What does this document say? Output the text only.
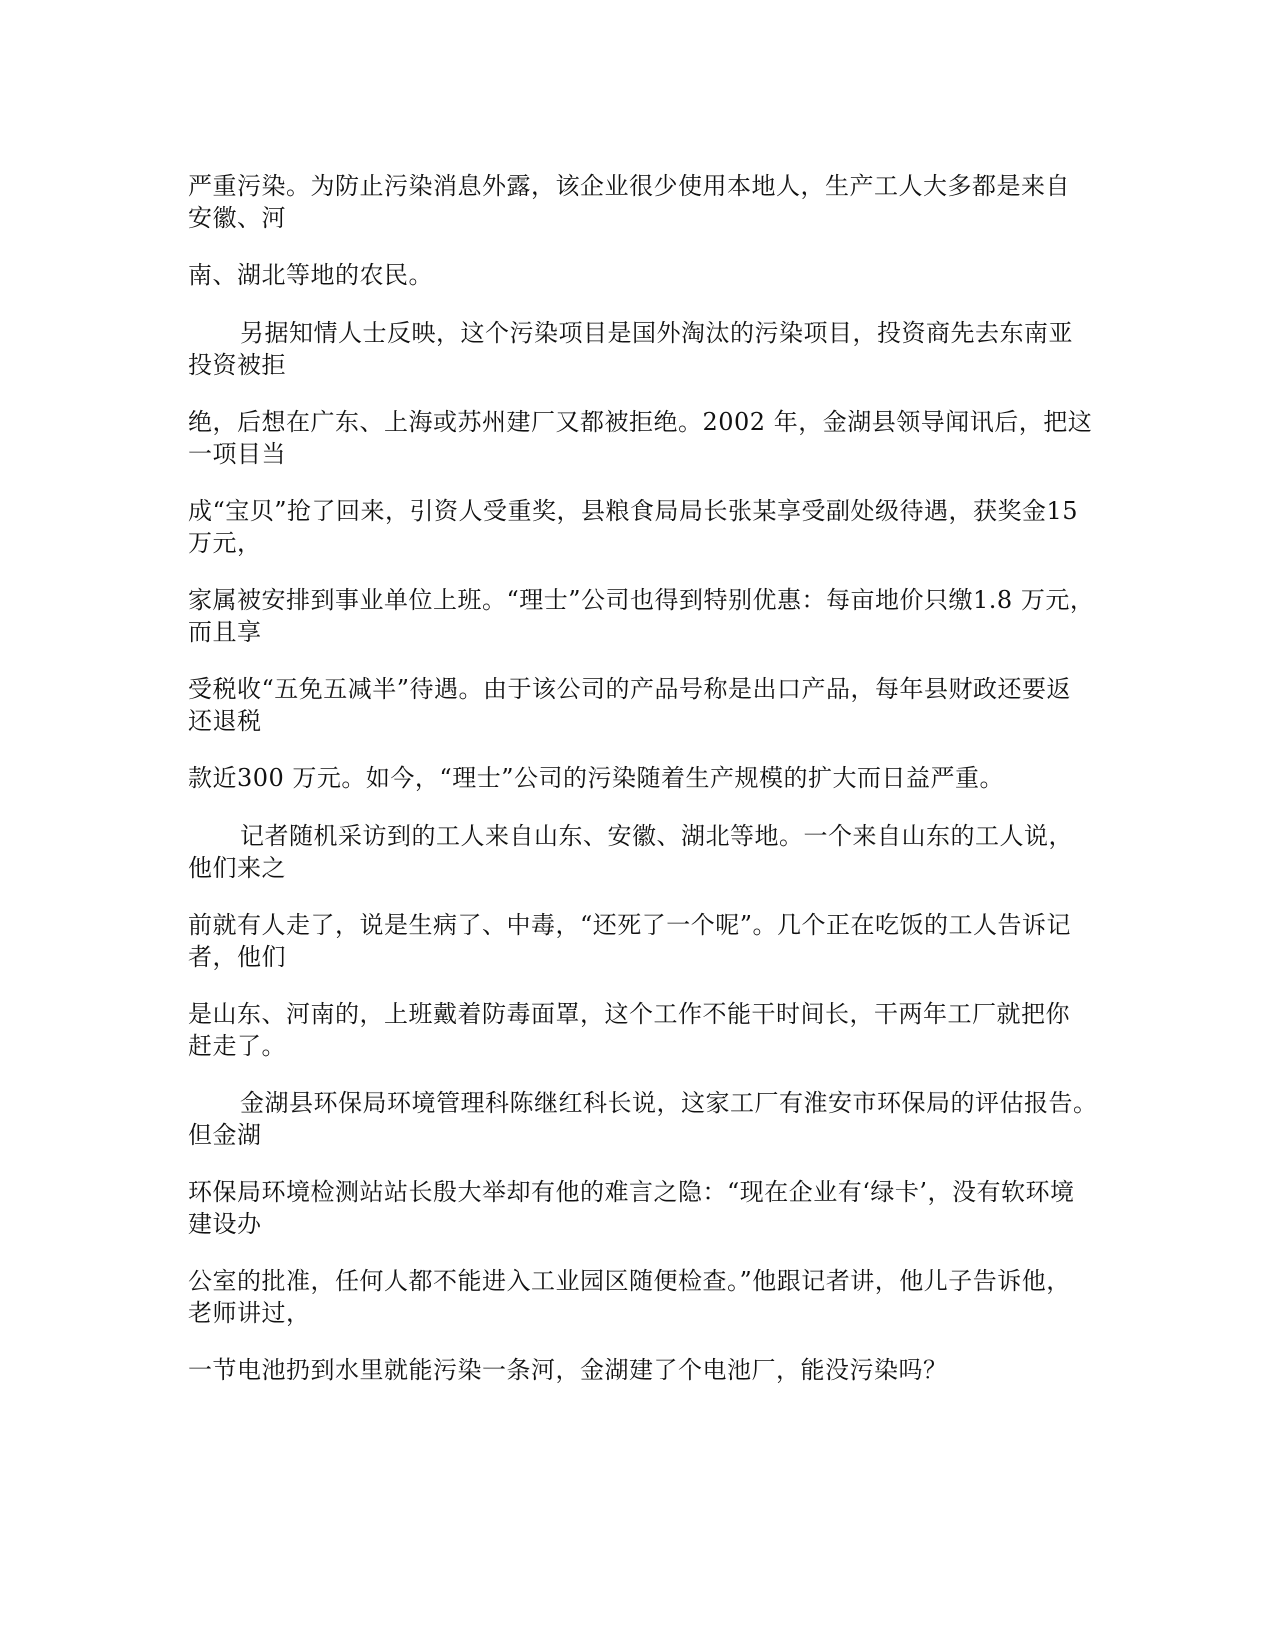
严重污染。为防止污染消息外露，该企业很少使用本地人，生产工人大多都是来自
安徽、河
南、湖北等地的农民。
另据知情人士反映，这个污染项目是国外淘汰的污染项目，投资商先去东南亚
投资被拒
绝，后想在广东、上海或苏州建厂又都被拒绝。2002 年，金湖县领导闻讯后，把这
一项目当
成“宝贝”抢了回来，引资人受重奖，县粮食局局长张某享受副处级待遇，获奖金15
万元，
家属被安排到事业单位上班。“理士”公司也得到特别优惠：每亩地价只缴1.8 万元，
而且享
受税收“五免五减半”待遇。由于该公司的产品号称是出口产品，每年县财政还要返
还退税
款近300 万元。如今，“理士”公司的污染随着生产规模的扩大而日益严重。
记者随机采访到的工人来自山东、安徽、湖北等地。一个来自山东的工人说，
他们来之
前就有人走了，说是生病了、中毒，“还死了一个呢”。几个正在吃饭的工人告诉记
者，他们
是山东、河南的，上班戴着防毒面罩，这个工作不能干时间长，干两年工厂就把你
赶走了。
金湖县环保局环境管理科陈继红科长说，这家工厂有淮安市环保局的评估报告。
但金湖
环保局环境检测站站长殷大举却有他的难言之隐：“现在企业有‘绿卡’，没有软环境
建设办
公室的批准，任何人都不能进入工业园区随便检查。”他跟记者讲，他儿子告诉他，
老师讲过，
一节电池扔到水里就能污染一条河，金湖建了个电池厂，能没污染吗？
